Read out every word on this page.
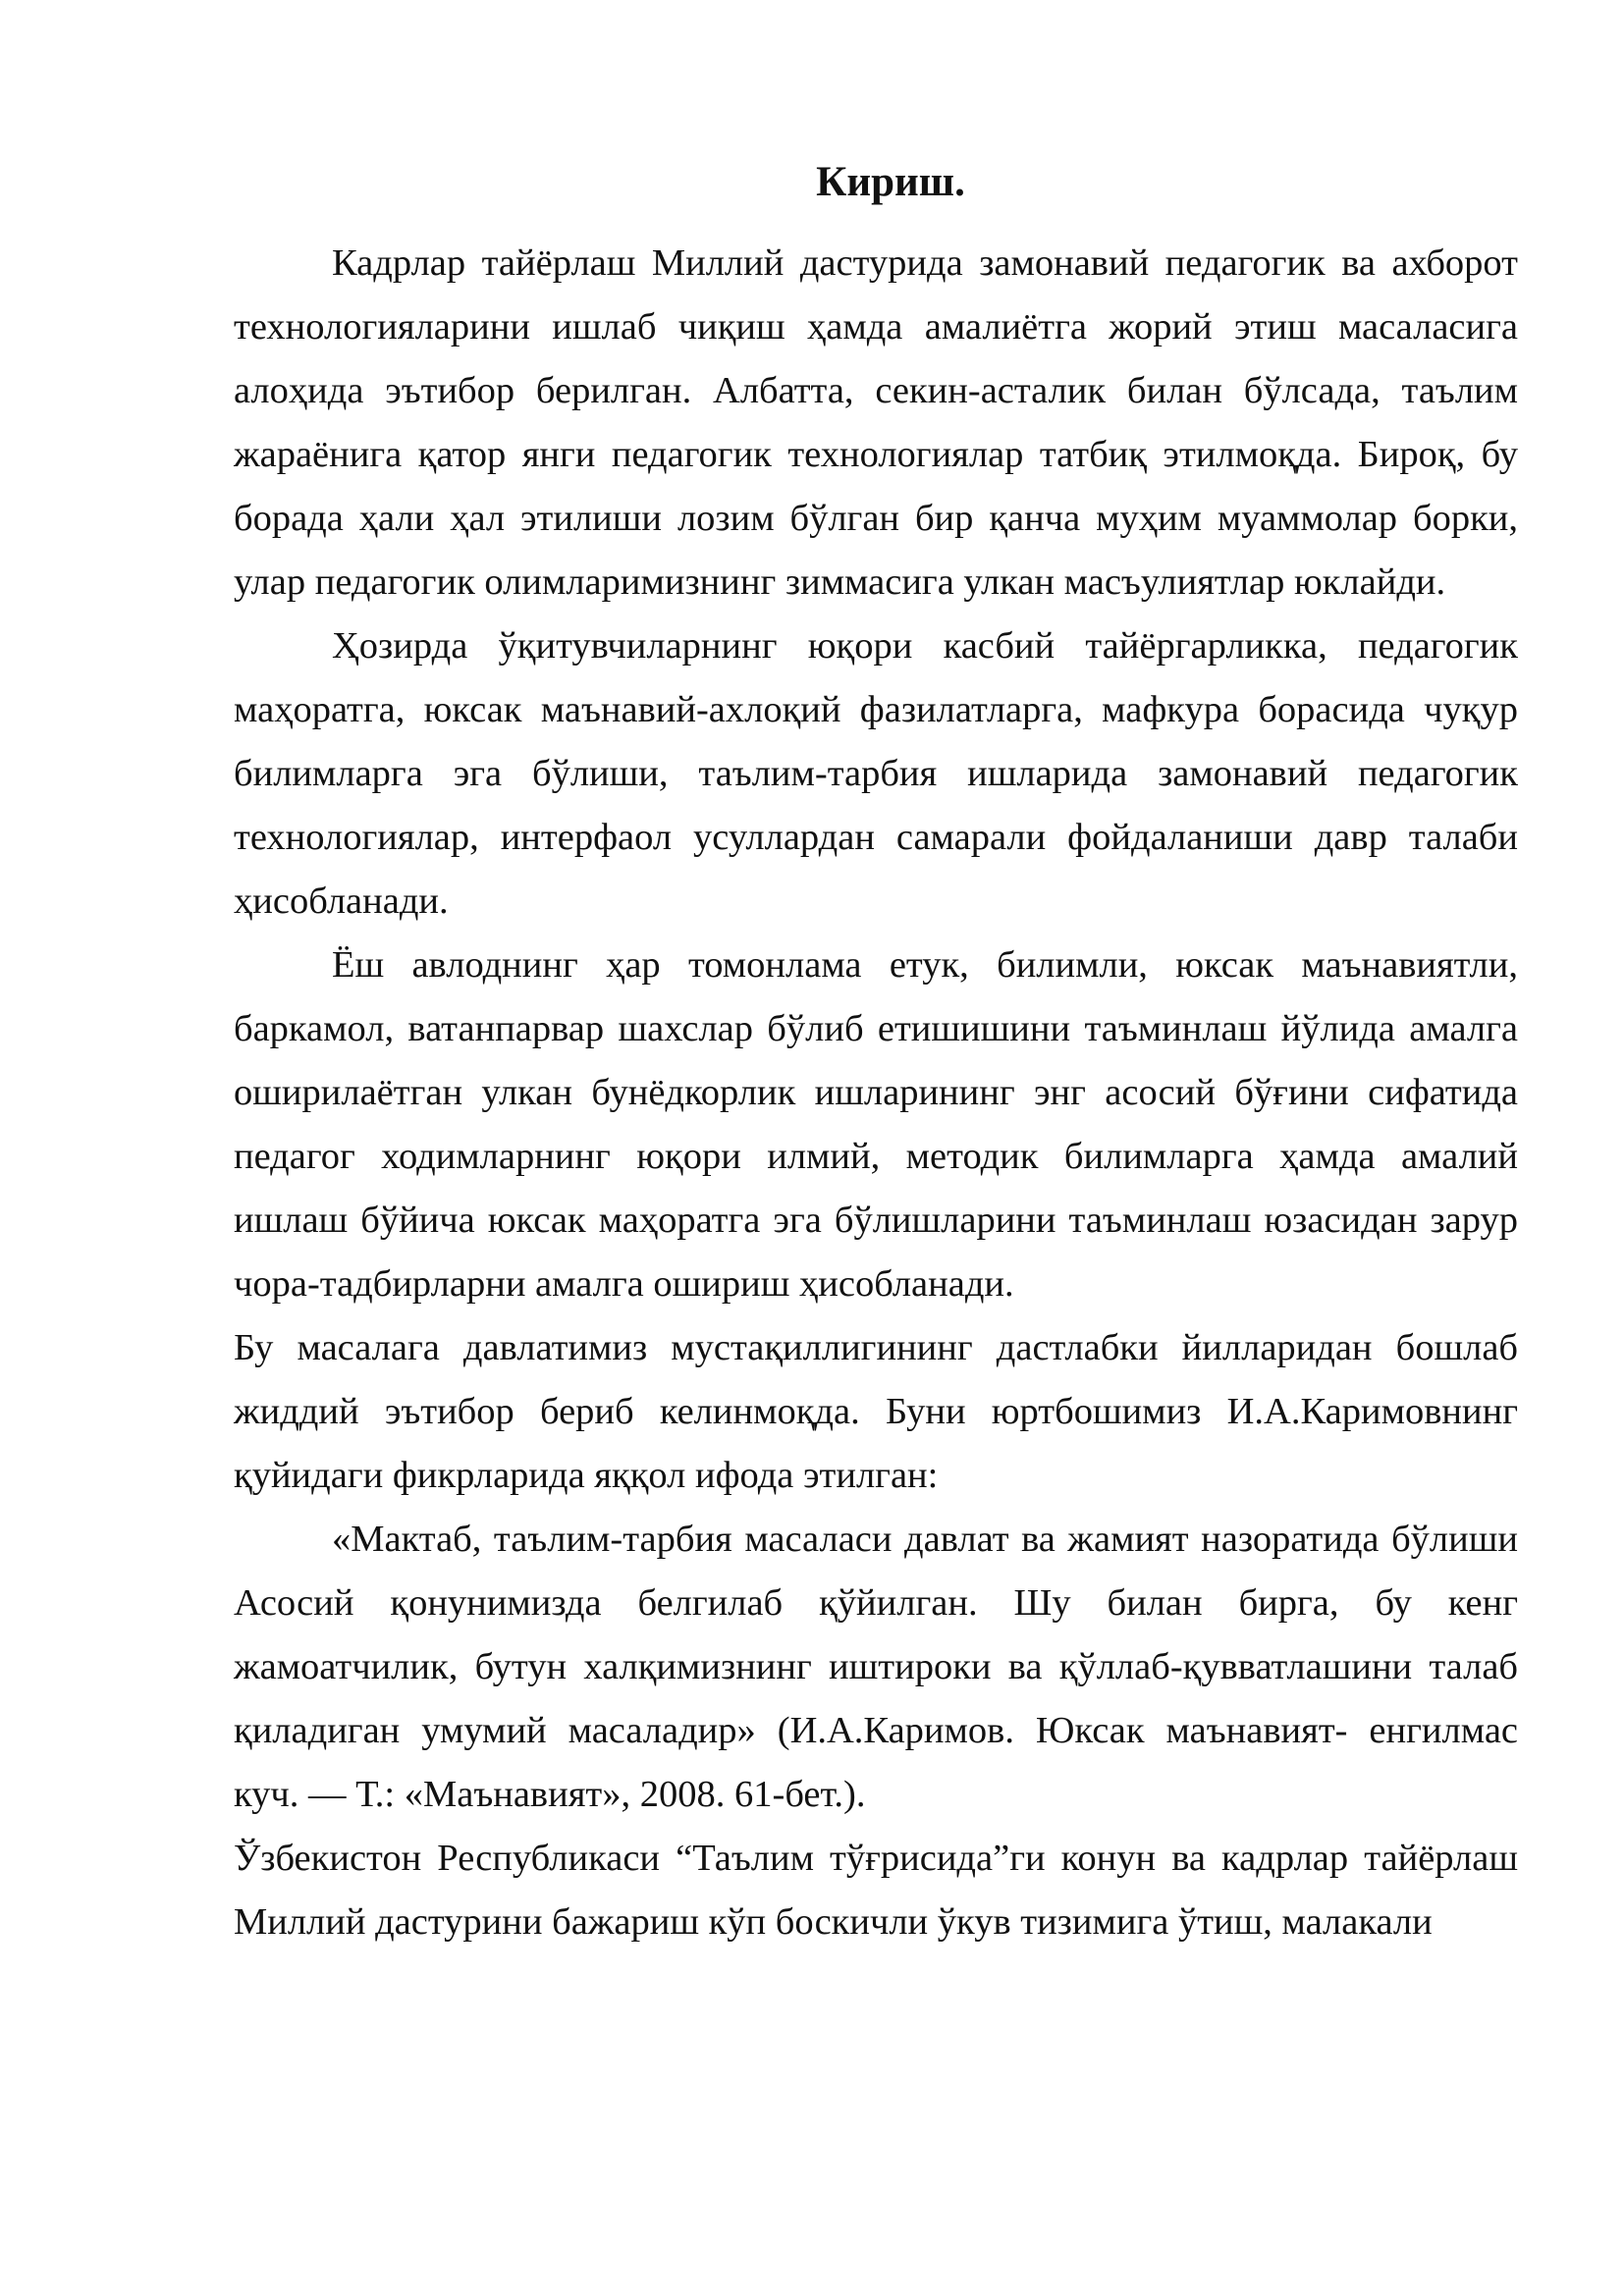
Кириш.

Кадрлар тайёрлаш Миллий дастурида замонавий педагогик ва ахборот технологияларини ишлаб чиқиш ҳамда амалиётга жорий этиш масаласига алоҳида эътибор берилган. Албатта, секин-асталик билан бўлсада, таълим жараёнига қатор янги педагогик технологиялар татбиқ этилмоқда. Бироқ, бу борада ҳали ҳал этилиши лозим бўлган бир қанча муҳим муаммолар борки, улар педагогик олимларимизнинг зиммасига улкан масъулиятлар юклайди.

Ҳозирда ўқитувчиларнинг юқори касбий тайёргарликка, педагогик маҳоратга, юксак маънавий-ахлоқий фазилатларга, мафкура борасида чуқур билимларга эга бўлиши, таълим-тарбия ишларида замонавий педагогик технологиялар, интерфаол усуллардан самарали фойдаланиши давр талаби ҳисобланади.

Ёш авлоднинг ҳар томонлама етук, билимли, юксак маънавиятли, баркамол, ватанпарвар шахслар бўлиб етишишини таъминлаш йўлида амалга оширилаётган улкан бунёдкорлик ишларининг энг асосий бўғини сифатида педагог ходимларнинг юқори илмий, методик билимларга ҳамда амалий ишлаш бўйича юксак маҳоратга эга бўлишларини таъминлаш юзасидан зарур чора-тадбирларни амалга ошириш ҳисобланади.

Бу масалага давлатимиз мустақиллигининг дастлабки йилларидан бошлаб жиддий эътибор бериб келинмоқда. Буни юртбошимиз И.А.Каримовнинг қуйидаги фикрларида яққол ифода этилган:

«Мактаб, таълим-тарбия масаласи давлат ва жамият назоратида бўлиши Асосий қонунимизда белгилаб қўйилган. Шу билан бирга, бу кенг жамоатчилик, бутун халқимизнинг иштироки ва қўллаб-қувватлашини талаб қиладиган умумий масаладир» (И.А.Каримов. Юксак маънавият- енгилмас куч. — Т.: «Маънавият», 2008. 61-бет.).

Ўзбекистон Республикаси “Таълим тўғрисида”ги конун ва кадрлар тайёрлаш Миллий дастурини бажариш кўп боскичли ўкув тизимига ўтиш, малакали
